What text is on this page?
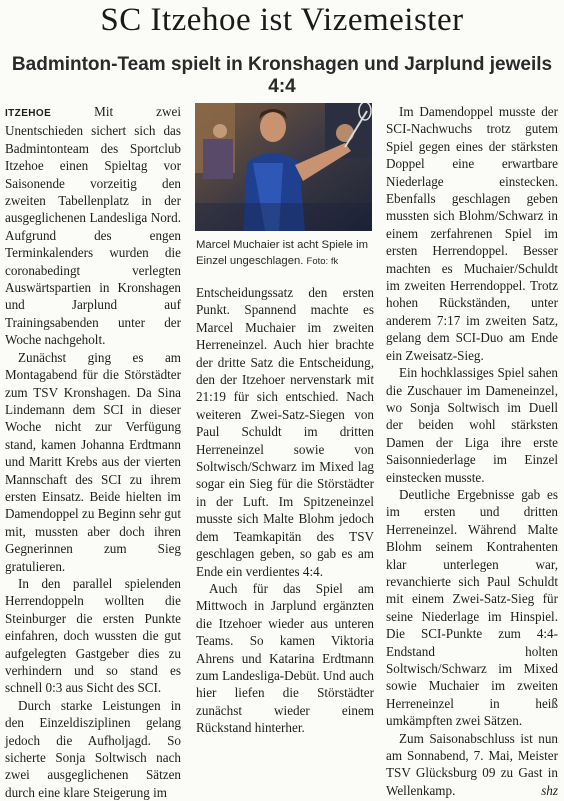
SC Itzehoe ist Vizemeister
Badminton-Team spielt in Kronshagen und Jarplund jeweils 4:4

ITZEHOE	Mit zwei Unentschieden sichert sich das Badmintonteam des Sportclub Itzehoe einen Spieltag vor Saisonende vorzeitig den zweiten Tabellenplatz in der ausgeglichenen Landesliga Nord. Aufgrund des engen Terminkalenders wurden die coronabedingt verlegten Auswärtspartien in Kronshagen und Jarplund auf Trainingsabenden unter der Woche nachgeholt.

Zunächst ging es am Montagabend für die Störstädter zum TSV Kronshagen. Da Sina Lindemann dem SCI in dieser Woche nicht zur Verfügung stand, kamen Johanna Erdtmann und Maritt Krebs aus der vierten Mannschaft des SCI zu ihrem ersten Einsatz. Beide hielten im Damendoppel zu Beginn sehr gut mit, mussten aber doch ihren Gegnerinnen zum Sieg gratulieren.

In den parallel spielenden Herrendoppeln wollten die Steinburger die ersten Punkte einfahren, doch wussten die gut aufgelegten Gastgeber dies zu verhindern und so stand es schnell 0:3 aus Sicht des SCI.

Durch starke Leistungen in den Einzeldisziplinen gelang jedoch die Aufholjagd. So sicherte Sonja Soltwisch nach zwei ausgeglichenen Sätzen durch eine klare Steigerung im

Marcel Muchaier ist acht Spiele im Einzel ungeschlagen. Foto: fk

Entscheidungssatz den ersten Punkt. Spannend machte es Marcel Muchaier im zweiten Herreneinzel. Auch hier brachte der dritte Satz die Entscheidung, den der Itzehoer nervenstark mit 21:19 für sich entschied. Nach weiteren Zwei-Satz-Siegen von Paul Schuldt im dritten Herreneinzel sowie von Soltwisch/Schwarz im Mixed lag sogar ein Sieg für die Störstädter in der Luft. Im Spitzeneinzel musste sich Malte Blohm jedoch dem Teamkapitän des TSV geschlagen geben, so gab es am Ende ein verdientes 4:4.

Auch für das Spiel am Mittwoch in Jarplund ergänzten die Itzehoer wieder aus unteren Teams. So kamen Viktoria Ahrens und Katarina Erdtmann zum Landesliga-Debüt. Und auch hier liefen die Störstädter zunächst wieder einem Rückstand hinterher.

Im Damendoppel musste der SCI-Nachwuchs trotz gutem Spiel gegen eines der stärksten Doppel eine erwartbare Niederlage einstecken. Ebenfalls geschlagen geben mussten sich Blohm/Schwarz in einem zerfahrenen Spiel im ersten Herrendoppel. Besser machten es Muchaier/Schuldt im zweiten Herrendoppel. Trotz hohen Rückständen, unter anderem 7:17 im zweiten Satz, gelang dem SCI-Duo am Ende ein Zweisatz-Sieg.

Ein hochklassiges Spiel sahen die Zuschauer im Dameneinzel, wo Sonja Soltwisch im Duell der beiden wohl stärksten Damen der Liga ihre erste Saisonniederlage im Einzel einstecken musste.

Deutliche Ergebnisse gab es im ersten und dritten Herreneinzel. Während Malte Blohm seinem Kontrahenten klar unterlegen war, revanchierte sich Paul Schuldt mit einem Zwei-Satz-Sieg für seine Niederlage im Hinspiel. Die SCI-Punkte zum 4:4-Endstand holten Soltwisch/Schwarz im Mixed sowie Muchaier im zweiten Herreneinzel in heiß umkämpften zwei Sätzen.

Zum Saisonabschluss ist nun am Sonnabend, 7. Mai, Meister TSV Glücksburg 09 zu Gast in Wellenkamp.	shz
